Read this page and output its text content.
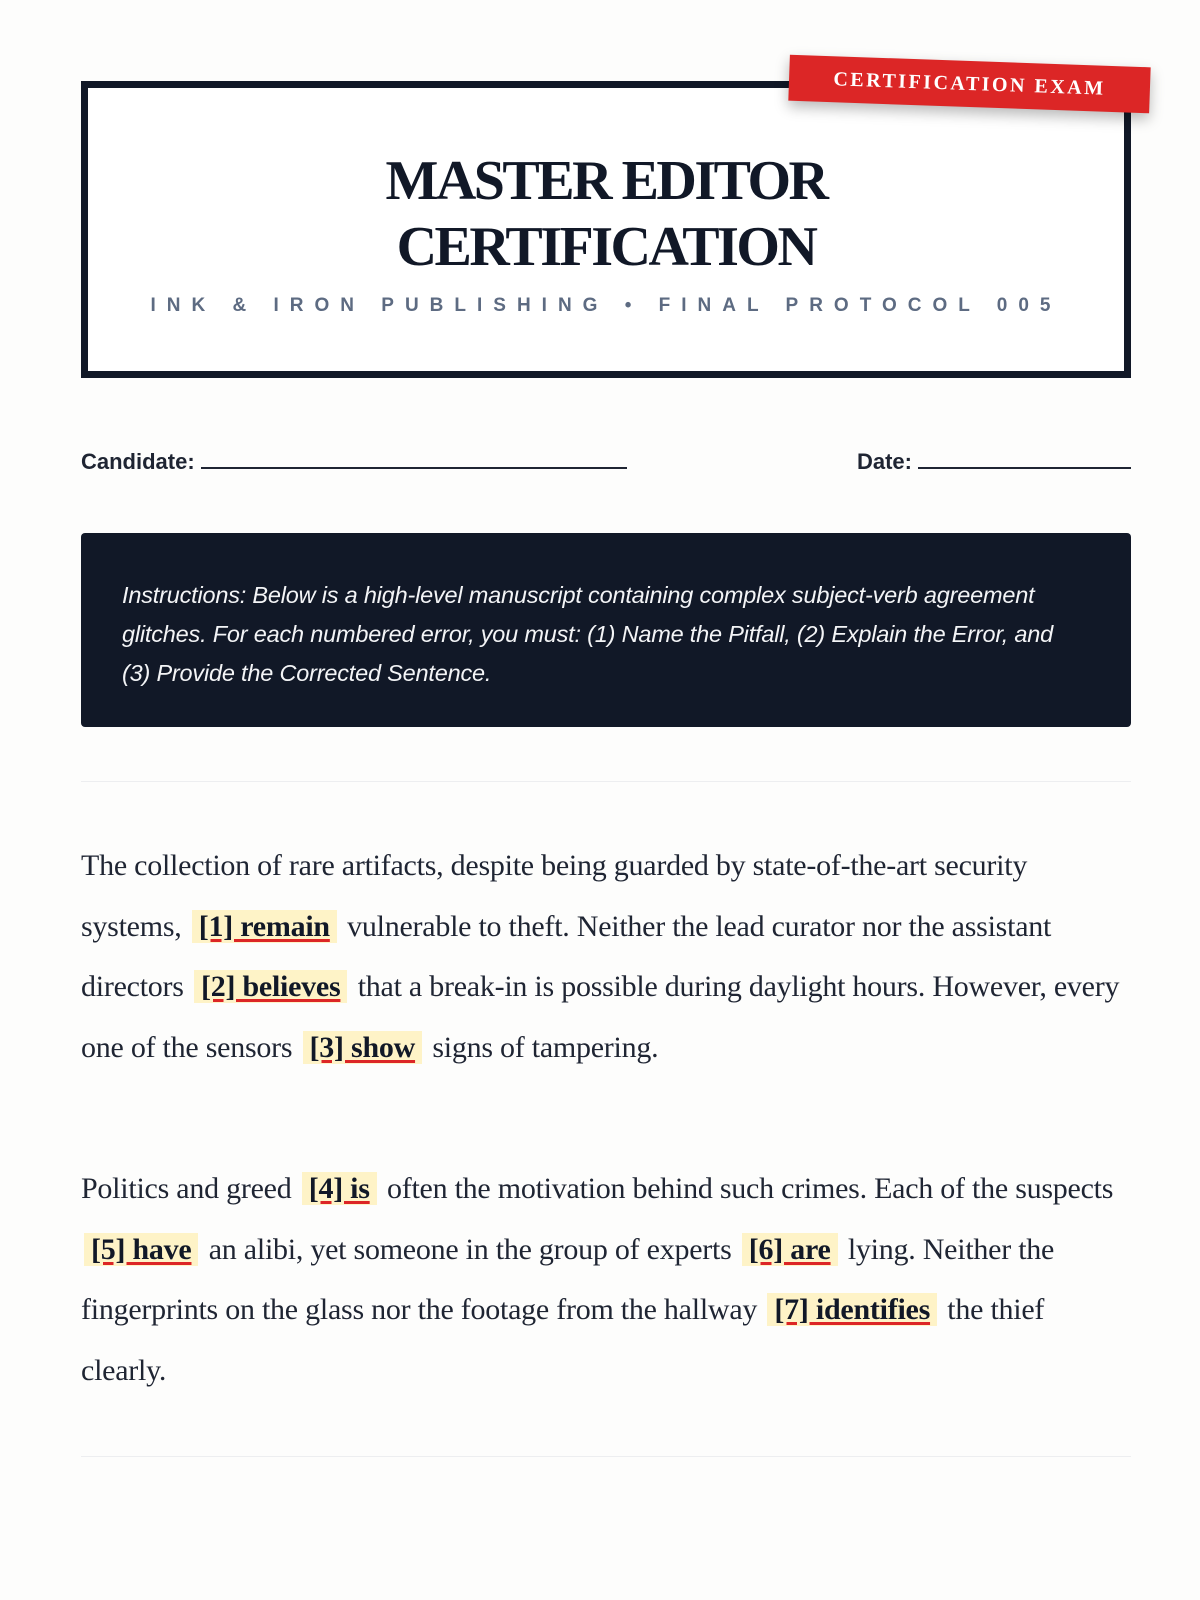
MASTER EDITOR
CERTIFICATION
INK & IRON PUBLISHING • FINAL PROTOCOL 005
CERTIFICATION EXAM
Candidate:	Date:
Instructions: Below is a high-level manuscript containing complex subject-verb agreement glitches. For each numbered error, you must: (1) Name the Pitfall, (2) Explain the Error, and (3) Provide the Corrected Sentence.
The collection of rare artifacts, despite being guarded by state-of-the-art security systems, [1] remain vulnerable to theft. Neither the lead curator nor the assistant directors [2] believes that a break-in is possible during daylight hours. However, every one of the sensors [3] show signs of tampering.
Politics and greed [4] is often the motivation behind such crimes. Each of the suspects [5] have an alibi, yet someone in the group of experts [6] are lying. Neither the fingerprints on the glass nor the footage from the hallway [7] identifies the thief clearly.
